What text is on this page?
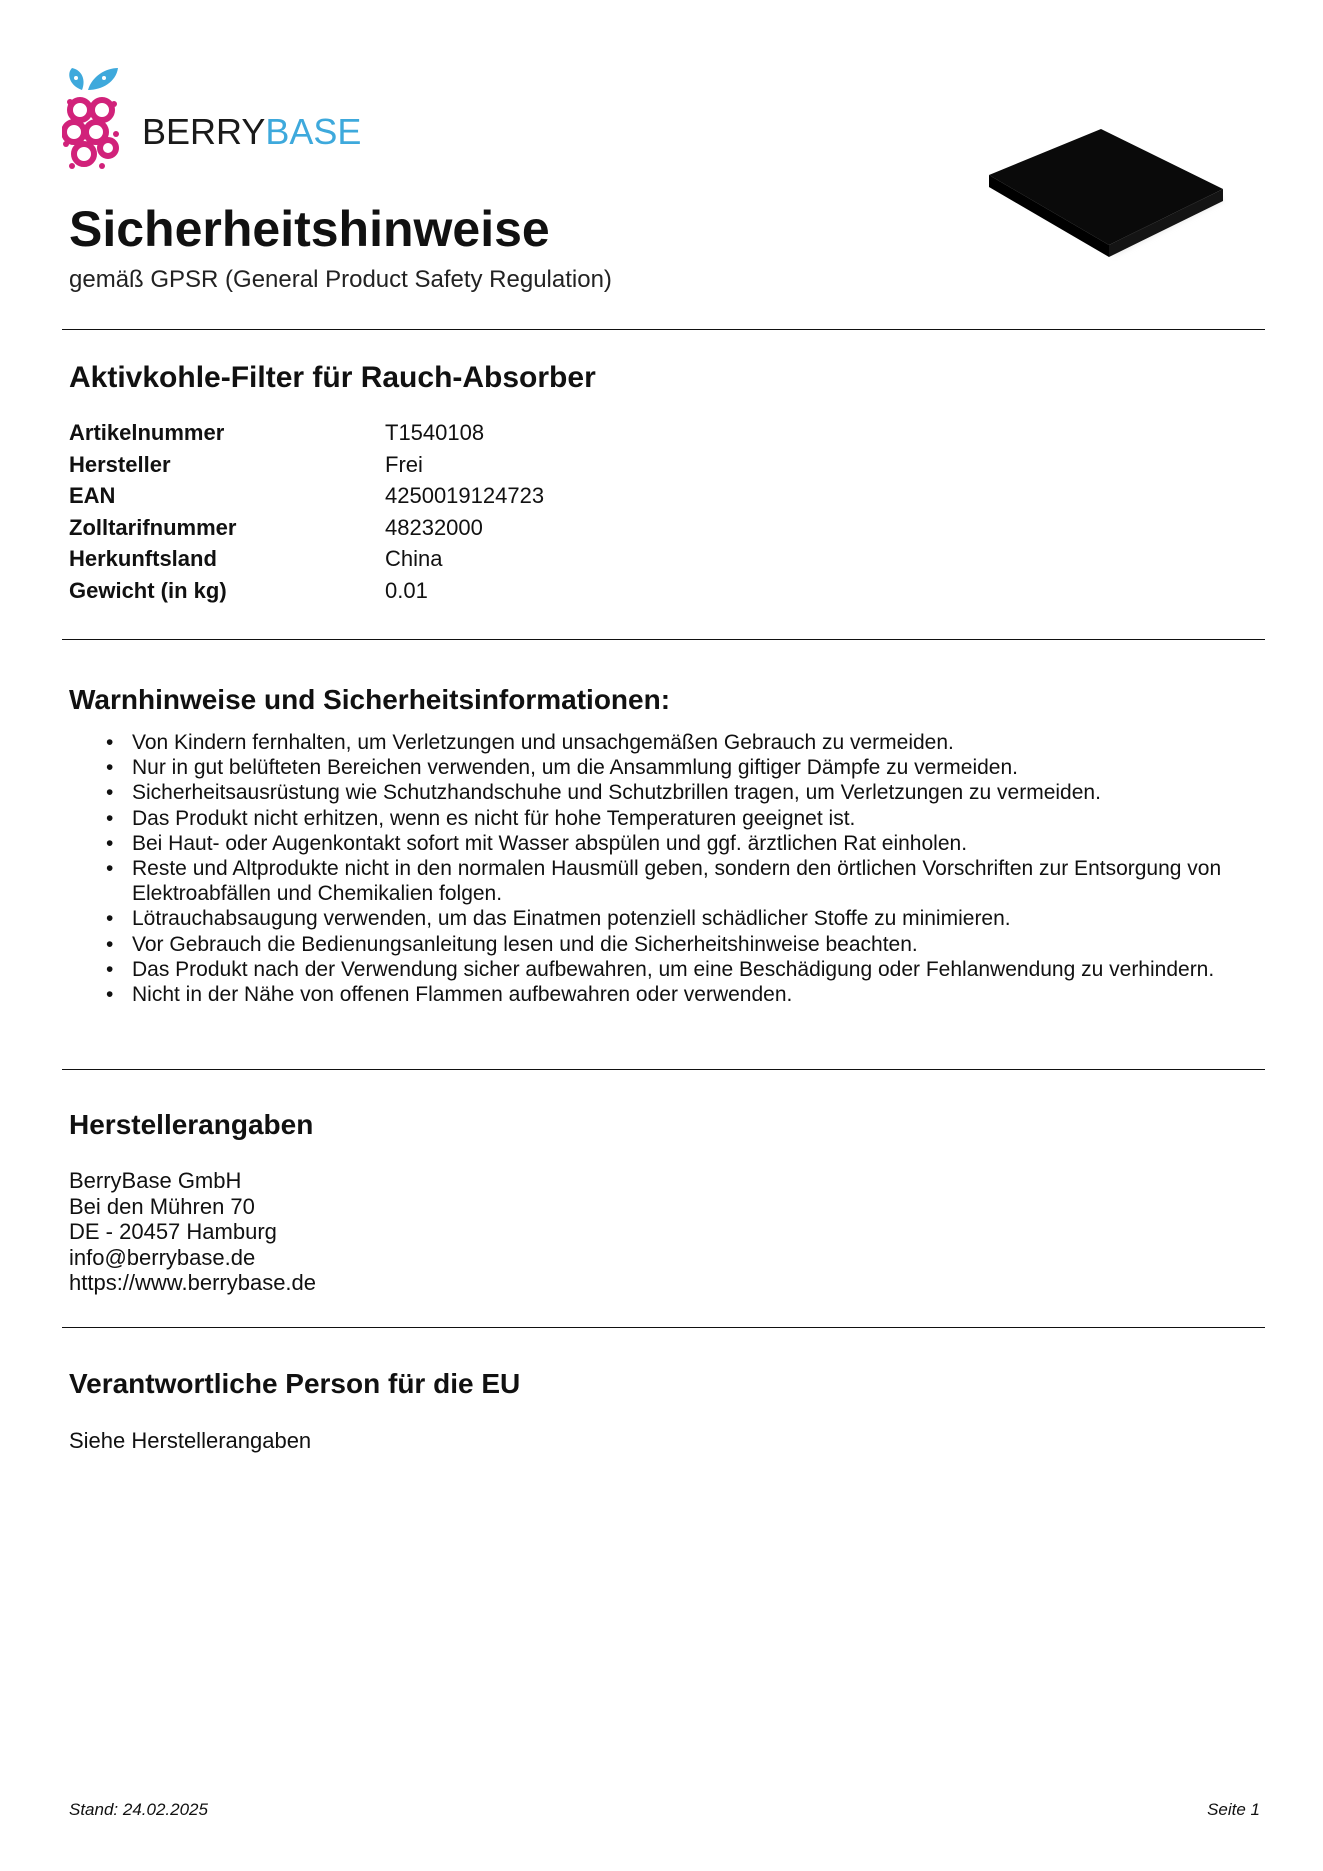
BERRYBASE
Sicherheitshinweise
gemäß GPSR (General Product Safety Regulation)
Aktivkohle-Filter für Rauch-Absorber
Artikelnummer	T1540108
Hersteller	Frei
EAN	4250019124723
Zolltarifnummer	48232000
Herkunftsland	China
Gewicht (in kg)	0.01
Warnhinweise und Sicherheitsinformationen:
• Von Kindern fernhalten, um Verletzungen und unsachgemäßen Gebrauch zu vermeiden.
• Nur in gut belüfteten Bereichen verwenden, um die Ansammlung giftiger Dämpfe zu vermeiden.
• Sicherheitsausrüstung wie Schutzhandschuhe und Schutzbrillen tragen, um Verletzungen zu vermeiden.
• Das Produkt nicht erhitzen, wenn es nicht für hohe Temperaturen geeignet ist.
• Bei Haut- oder Augenkontakt sofort mit Wasser abspülen und ggf. ärztlichen Rat einholen.
• Reste und Altprodukte nicht in den normalen Hausmüll geben, sondern den örtlichen Vorschriften zur Entsorgung von Elektroabfällen und Chemikalien folgen.
• Lötrauchabsaugung verwenden, um das Einatmen potenziell schädlicher Stoffe zu minimieren.
• Vor Gebrauch die Bedienungsanleitung lesen und die Sicherheitshinweise beachten.
• Das Produkt nach der Verwendung sicher aufbewahren, um eine Beschädigung oder Fehlanwendung zu verhindern.
• Nicht in der Nähe von offenen Flammen aufbewahren oder verwenden.
Herstellerangaben
BerryBase GmbH
Bei den Mühren 70
DE - 20457 Hamburg
info@berrybase.de
https://www.berrybase.de
Verantwortliche Person für die EU
Siehe Herstellerangaben
Stand: 24.02.2025	Seite 1
